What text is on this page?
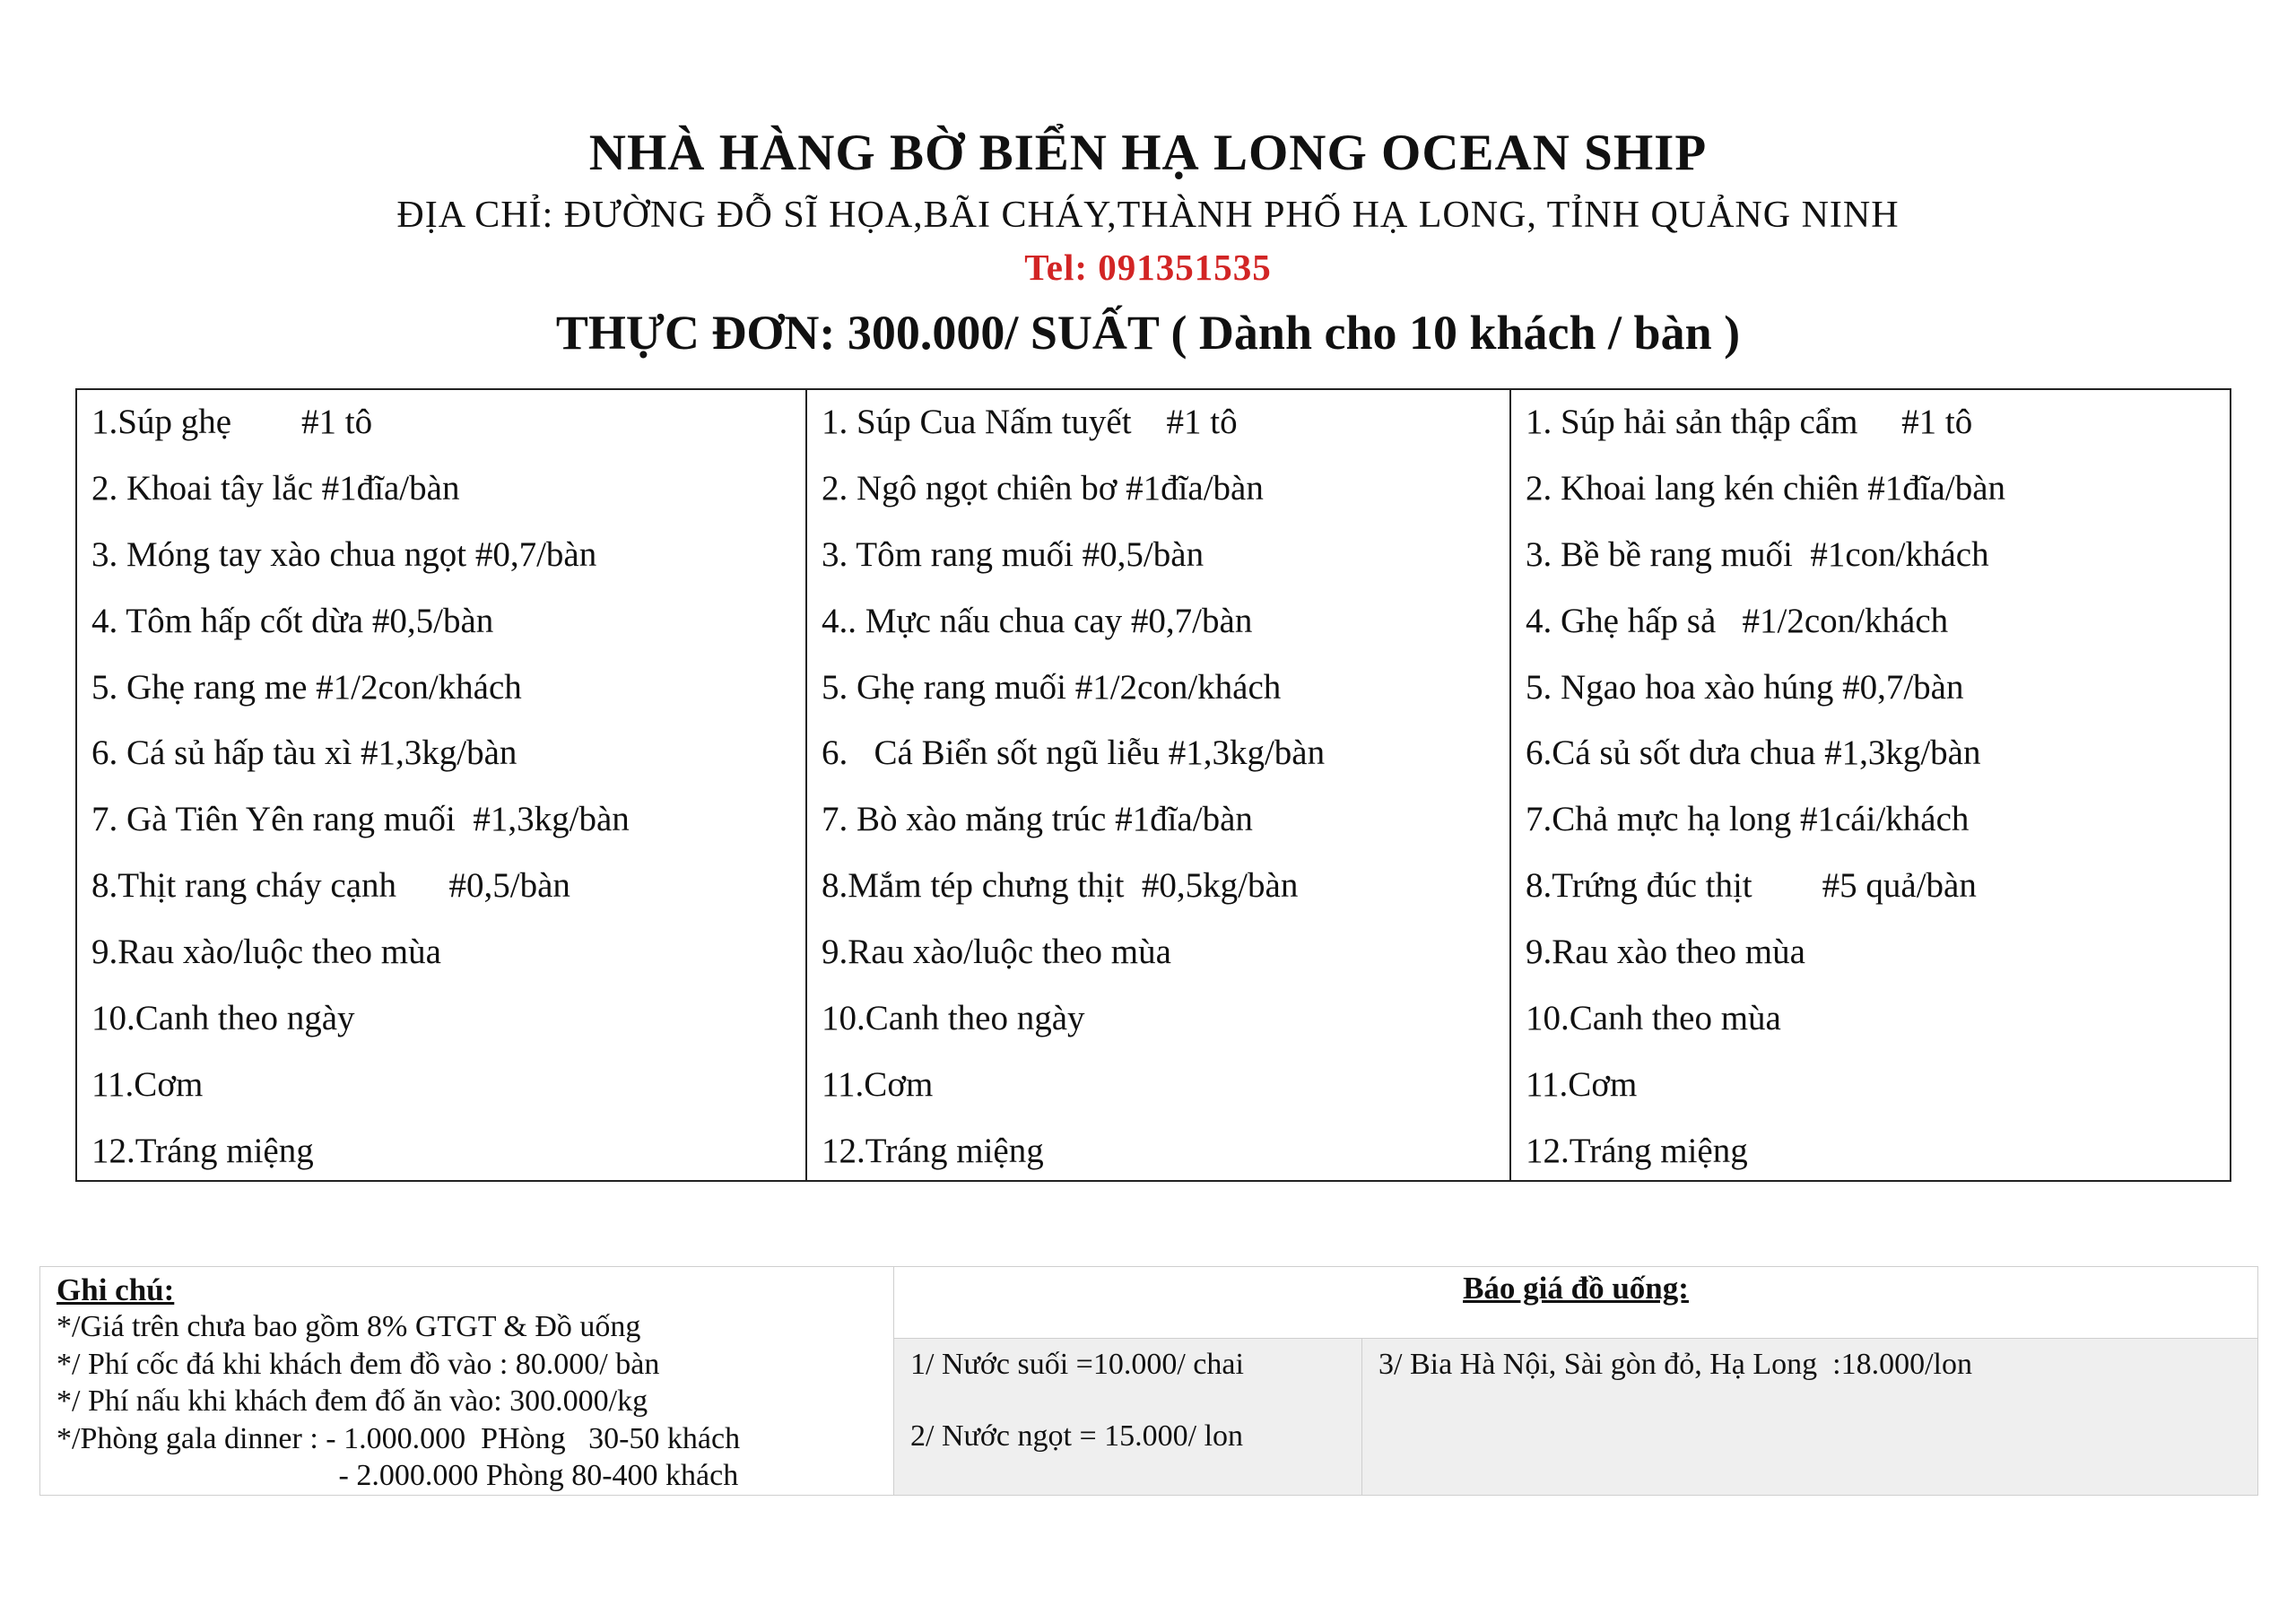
NHÀ HÀNG BỜ BIỂN HẠ LONG OCEAN SHIP
ĐỊA CHỈ: ĐƯỜNG ĐỖ SĨ HỌA,BÃI CHÁY,THÀNH PHỐ HẠ LONG, TỈNH QUẢNG NINH
Tel: 091351535
THỰC ĐƠN: 300.000/ SUẤT ( Dành cho 10 khách / bàn )
1.Súp ghẹ        #1 tô
2. Khoai tây lắc #1đĩa/bàn
3. Móng tay xào chua ngọt #0,7/bàn
4. Tôm hấp cốt dừa #0,5/bàn
5. Ghẹ rang me #1/2con/khách
6. Cá sủ hấp tàu xì #1,3kg/bàn
7. Gà Tiên Yên rang muối  #1,3kg/bàn
8.Thịt rang cháy cạnh      #0,5/bàn
9.Rau xào/luộc theo mùa
10.Canh theo ngày
11.Cơm
12.Tráng miệng
1. Súp Cua Nấm tuyết    #1 tô
2. Ngô ngọt chiên bơ #1đĩa/bàn
3. Tôm rang muối #0,5/bàn
4.. Mực nấu chua cay #0,7/bàn
5. Ghẹ rang muối #1/2con/khách
6.   Cá Biển sốt ngũ liễu #1,3kg/bàn
7. Bò xào măng trúc #1đĩa/bàn
8.Mắm tép chưng thịt  #0,5kg/bàn
9.Rau xào/luộc theo mùa
10.Canh theo ngày
11.Cơm
12.Tráng miệng
1. Súp hải sản thập cẩm     #1 tô
2. Khoai lang kén chiên #1đĩa/bàn
3. Bề bề rang muối  #1con/khách
4. Ghẹ hấp sả   #1/2con/khách
5. Ngao hoa xào húng #0,7/bàn
6.Cá sủ sốt dưa chua #1,3kg/bàn
7.Chả mực hạ long #1cái/khách
8.Trứng đúc thịt        #5 quả/bàn
9.Rau xào theo mùa
10.Canh theo mùa
11.Cơm
12.Tráng miệng
Ghi chú:
*/Giá trên chưa bao gồm 8% GTGT & Đồ uống
*/ Phí cốc đá khi khách đem đồ vào : 80.000/ bàn
*/ Phí nấu khi khách đem đố ăn vào: 300.000/kg
*/Phòng gala dinner : - 1.000.000  PHòng   30-50 khách
- 2.000.000 Phòng 80-400 khách
Báo giá đồ uống:
1/ Nước suối =10.000/ chai
2/ Nước ngọt = 15.000/ lon
3/ Bia Hà Nội, Sài gòn đỏ, Hạ Long  :18.000/lon
